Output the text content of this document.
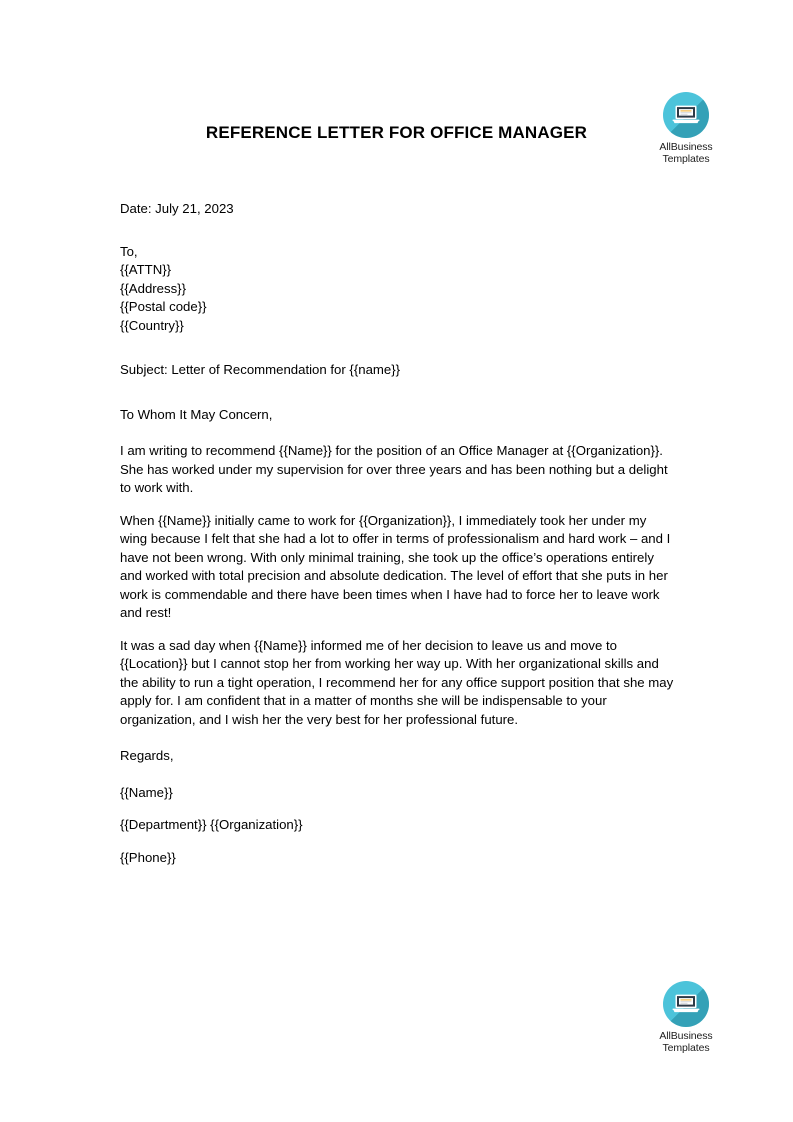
AllBusiness
Templates
REFERENCE LETTER FOR OFFICE MANAGER
Date: July 21, 2023
To,
{{ATTN}}
{{Address}}
{{Postal code}}
{{Country}}
Subject: Letter of Recommendation for {{name}}
To Whom It May Concern,

I am writing to recommend {{Name}} for the position of an Office Manager at {{Organization}}. She has worked under my supervision for over three years and has been nothing but a delight to work with.

When {{Name}} initially came to work for {{Organization}}, I immediately took her under my wing because I felt that she had a lot to offer in terms of professionalism and hard work – and I have not been wrong. With only minimal training, she took up the office’s operations entirely and worked with total precision and absolute dedication. The level of effort that she puts in her work is commendable and there have been times when I have had to force her to leave work and rest!

It was a sad day when {{Name}} informed me of her decision to leave us and move to {{Location}} but I cannot stop her from working her way up. With her organizational skills and the ability to run a tight operation, I recommend her for any office support position that she may apply for. I am confident that in a matter of months she will be indispensable to your organization, and I wish her the very best for her professional future.

Regards,
{{Name}}
{{Department}} {{Organization}}
{{Phone}}
AllBusiness
Templates
